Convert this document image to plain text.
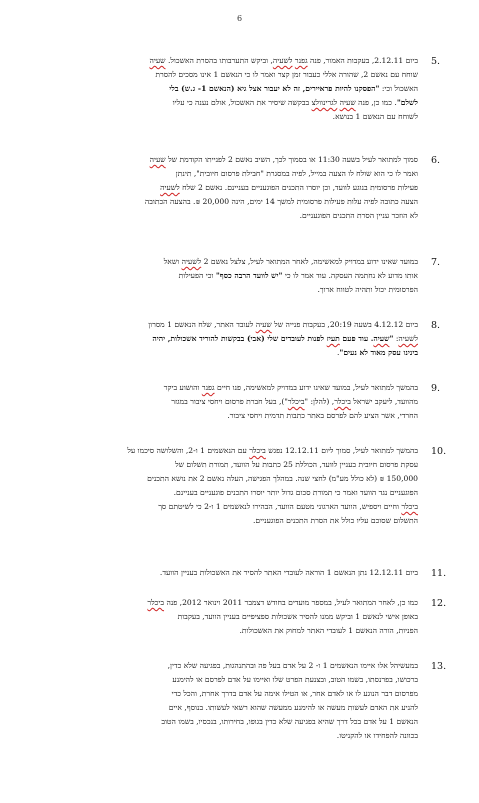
6
5.
ביום 2.12.11, בעקבות האמור, פנה גפנר לשעיה, וביקש התערבותו בהסרת האשכול. שעיה
שוחח עם נאשם 2, שהורה אללי כעבור זמן קצר ואמר לו כי הנאשם 1 אינו מסכים להסרת
האשכול וכי: "הפסקנו להיות פראיירים, זה לא יעבור אצל גיא (הנאשם 1- ג.ש) בלי
לשלם". כמו כן, פנה שעיה לגרינוולצ בבקשה שיסיר את האשכול, אולם נענה כי עליו
לשוחח עם הנאשם 1 בנושא.
6.
סמוך למתואר לעיל בשעה 11:30 או בסמוך לכך, השיב נאשם 2 לפנייתו הקודמת של שעיה
ואמר לו כי הוא שולח לו הצעה במייל, לפיה במסגרת "חבילת פרסום חיובית", תינתן
פעילות פרסומית בנוגע לוועד, וכן יוסרו התכנים הפוגעניים בעניינם. נאשם 2 שלח לשעיה
הצעה כתובה לפיה עלות פעילות פרסומית למשך 14 ימים, הינה 20,000 ₪. בהצעה הכתובה
לא הוזכר עניין הסרת התכנים הפוגעניים.
7.
במועד שאינו ידוע במדויק למאשימה, לאחר המתואר לעיל, צלצל נאשם 2 לשעיה ושאל
אותו מדוע לא נחתמה העסקה. עוד אמר לו כי "יש לוועד הרבה כסף" וכי הפעילות
הפרסומית יכול ותהיה לטווח ארוך.
8.
ביום 4.12.12 בשעה 20:19, בעקבות פנייה של שעיה לעובד האתר, שלח הנאשם 1 מסרון
לשעיה: "שעיה. עוד פעם תעיז לפנות לעובדים שלי (אבי) בבקשות להוריד אשכולות, יהיה
בינינו עסק מאוד לא נעים".
9.
בהמשך למתואר לעיל, במועד שאינו ידוע במדויק למאשימה, פנו חיים גפנר והושוע ביקר
מהוועד, ליעקב ישראל ביכלר, (להלן: "ביכלר"), בעל חברת פרסום ויחסי ציבור במגזר
החרדי, אשר הציע להם לפרסם באתר כתבות תדמית ויחסי ציבור.
10.
בהמשך למתואר לעיל, סמוך ליום 12.12.11 נפגש ביכלר עם הנאשמים 1 ו-2, והשלושה סיכמו על
עסקת פרסום חיובית בעניין לוועד, הכוללת 25 כתבות על הוועד, תמורת תשלום של
150,000 ₪ (לא כולל מע"מ) לחצי שנה. במהלך הפגישה, העלה נאשם 2 את נושא התכנים
הפוגעניים נגד הוועד ואמר כי תמורת סכום גדול יותר יוסרו התכנים פוגעניים בעניינם.
ביכלר וחיים ויספיש, הוועד הארגוני מטעם הוועד, הבהירו לנאשמים 1 ו-2 כי לשיטתם סך
התשלום שסוכם עליו כולל את הסרת התכנים הפוגעניים.
11.
ביום 12.12.11 נתן הנאשם 1 הוראה לעובדי האתר להסיר את האשכולות בעניין הוועד.
12.
כמו כן, לאחר המתואר לעיל, במספר מועדים בחודש דצמבר 2011 וינואר 2012, פנה ביכלר
באופן אישי לנאשם 1 וביקש ממנו להסיר אשכולות ספציפיים בעניין הוועד, בעקבות
הפניות, הורה הנאשם 1 לעובדי האתר למחוק את האשכולות.
13.
במעשיהל אלו איימו הנאשמים 1 ו- 2 על אדם בעל פה ובהתנהגות, בפגיעה שלא כדין,
ברכושו, בפרנסתו, בשמו הטוב, ובצנעת הפרט שלו ואיימו על אדם לפרסם או להימנע
מפרסום דבר הנוגע לו או לאדם אחר, או הטילו אימה על אדם בדרך אחרת, והכל כדי
להניע את האדם לעשות מעשה או להימנע ממעשה שהוא רשאי לעשותו. בנוסף, איים
הנאשם 1 על אדם בכל דרך שהיא בפגיעה שלא כדין בגופו, בחירותו, בנכסיו, בשמו הטוב
בכוונה להפחידו או להקניטו.
